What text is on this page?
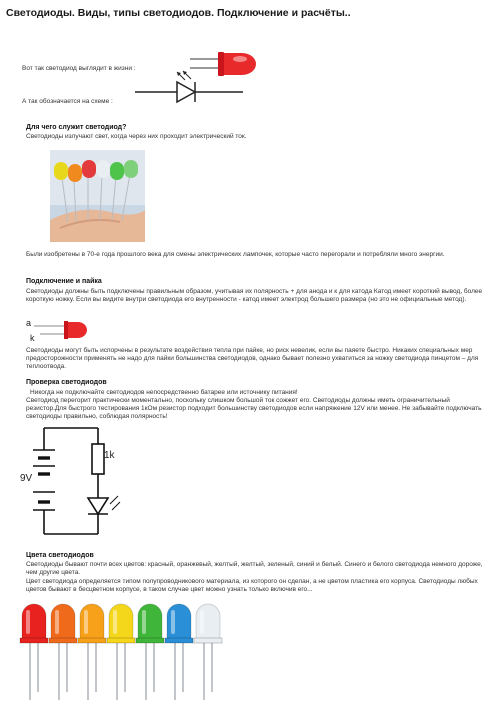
Светодиоды. Виды, типы светодиодов. Подключение и расчёты..
Вот так светодиод выглядит в жизни :
А так обозначается на схеме :
Для чего служит светодиод?
Светодиоды излучают свет, когда через них проходит электрический ток.
Были изобретены в 70-е года прошлого века для смены электрических лампочек, которые часто перегорали и потребляли много энергии.
Подключение и пайка
Светодиоды должны быть подключены правильным образом, учитывая их полярность + для анода и к для катода Катод имеет короткий вывод, более короткую ножку. Если вы видите внутри светодиода его внутренности - катод имеет электрод большего размера (но это не официальные метод).
a
k
Светодиоды могут быть испорчены в результате воздействия тепла при пайке, но риск невелик, если вы паяете быстро. Никаких специальных мер предосторожности применять не надо для пайки большинства светодиодов, однако бывает полезно ухватиться за ножку светодиода пинцетом – для теплоотвода.
Проверка светодиодов
Никогда не подключайте светодиодов непосредственно батарее или источнику питания!
Светодиод перегорит практически моментально, поскольку слишком большой ток сожжет его. Светодиоды должны иметь ограничительный резистор.Для быстрого тестирования 1кОм резистор подходит большинству светодиодов если напряжение 12V или менее. Не забывайте подключать светодиоды правильно, соблюдая полярность!
1k
9V
Цвета светодиодов
Светодиоды бывают почти всех цветов: красный, оранжевый, желтый, желтый, зеленый, синий и белый. Синего и белого светодиода немного дороже, чем другие цвета.
Цвет светодиода определяется типом полупроводникового материала, из которого он сделан, а не цветом пластика его корпуса. Светодиоды любых цветов бывают в бесцветном корпусе, в таком случае цвет можно узнать только включив его...
